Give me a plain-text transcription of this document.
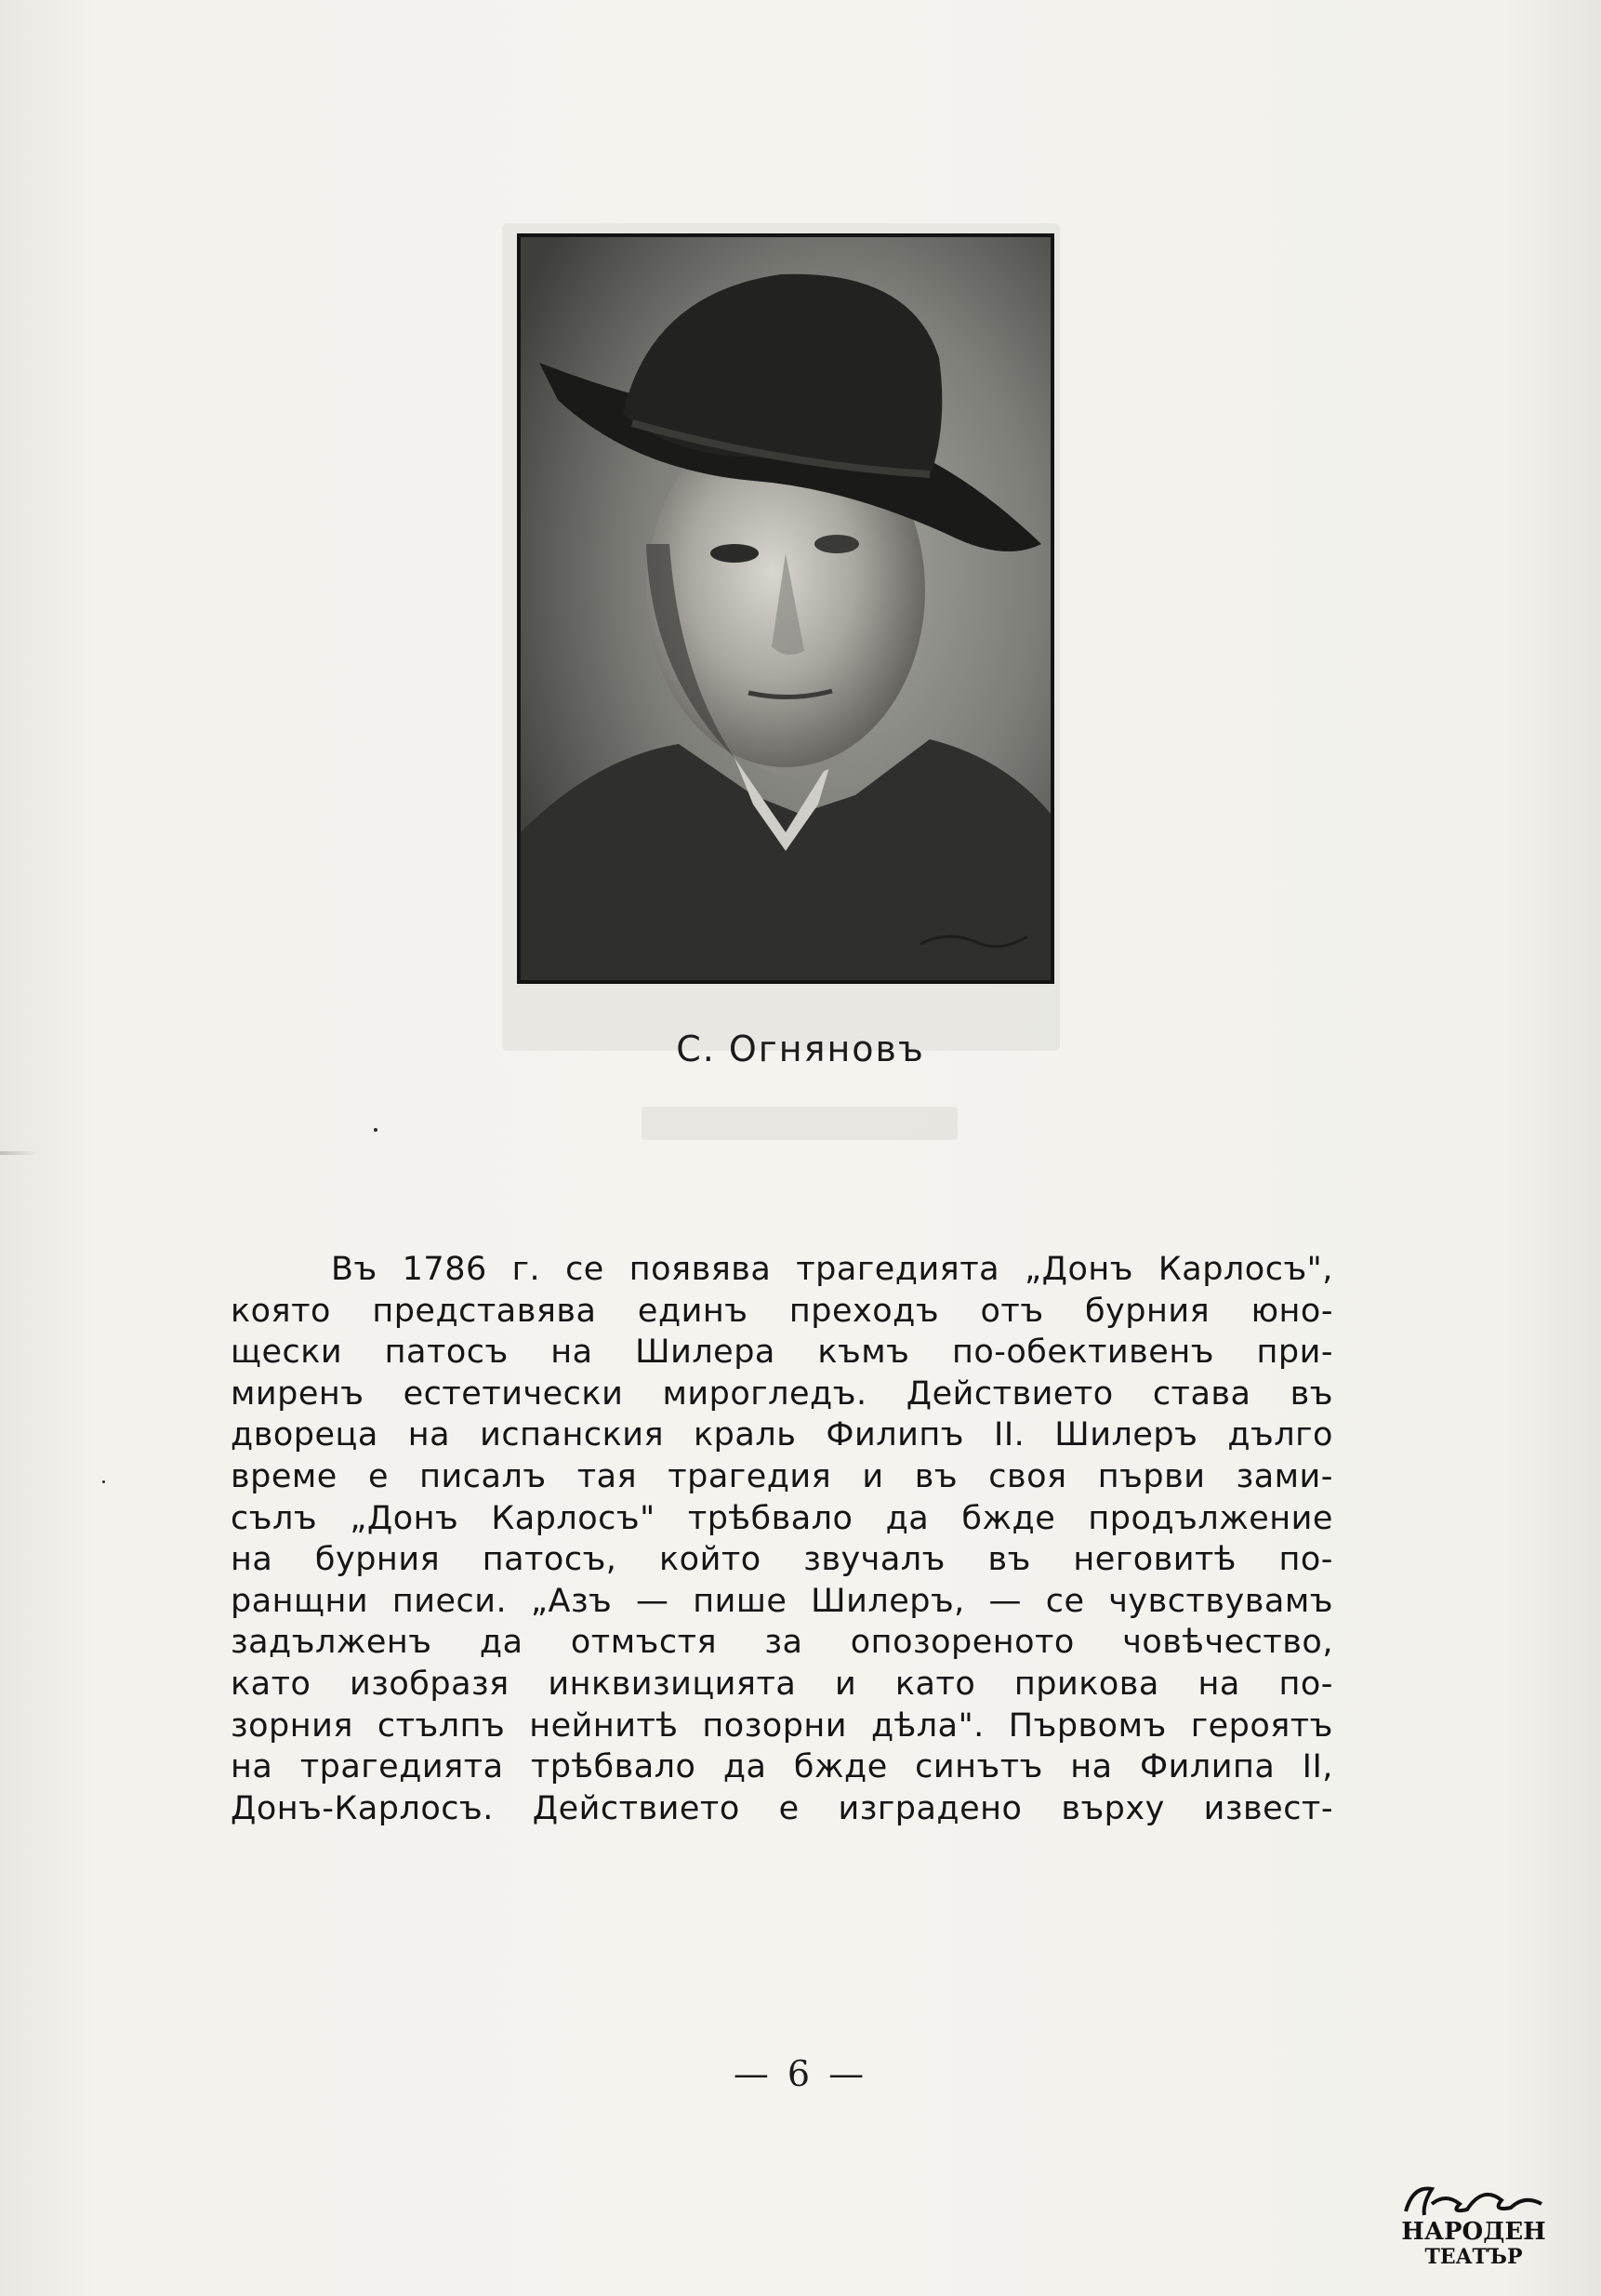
С. Огняновъ
Въ 1786 г. се появява трагедията „Донъ Карлосъ",
която представява единъ преходъ отъ бурния юно-
щески патосъ на Шилера къмъ по-обективенъ при-
миренъ естетически мирогледъ. Действието става въ
двореца на испанския краль Филипъ II. Шилеръ дълго
време е писалъ тая трагедия и въ своя първи зами-
сълъ „Донъ Карлосъ" трѣбвало да бжде продължение
на бурния патосъ, който звучалъ въ неговитѣ по-
ранщни пиеси. „Азъ — пише Шилеръ, — се чувствувамъ
задълженъ да отмъстя за опозореното човѣчество,
като изобразя инквизицията и като прикова на по-
зорния стълпъ нейнитѣ позорни дѣла". Първомъ героятъ
на трагедията трѣбвало да бжде синътъ на Филипа II,
Донъ-Карлосъ. Действието е изградено върху извест-
— 6 —
НАРОДЕН
ТЕАТЪР
